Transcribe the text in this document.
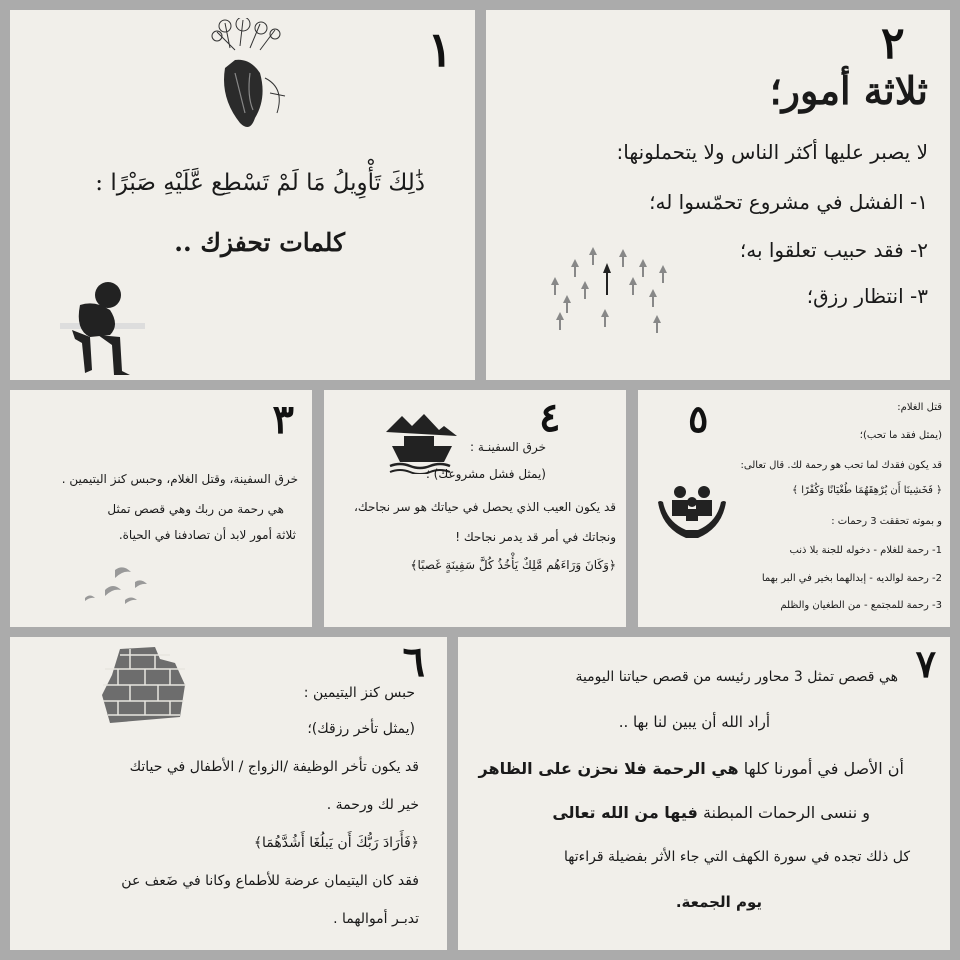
١
ذَٰلِكَ تَأْوِيلُ مَا لَمْ تَسْطِع عَّلَيْهِ صَبْرًا :
كلمات تحفزك ..
٢
ثلاثة أمور؛
لا يصبر عليها أكثر الناس ولا يتحملونها:
١- الفشل في مشروع تحمّسوا له؛
٢- فقد حبيب تعلقوا به؛
٣- انتظار رزق؛
٣
خرق السفينة، وقتل الغلام، وحبس كنز اليتيمين .
هي رحمة من ربك وهي قصص تمثل
ثلاثة أمور لابد أن تصادفنا في الحياة.
٤
خرق السفينـة :
(يمثل فشل مشروعك) ؛
قد يكون العيب الذي يحصل في حياتك هو سر نجاحك،
ونجاتك في أمر قد يدمر نجاحك !
﴿وَكَانَ وَرَاءَهُم مَّلِكٌ يَأْخُذُ كُلَّ سَفِينَةٍ غَصبًا﴾
٥	قتل الغلام:
(يمثل فقد ما تحب)؛
قد يكون فقدك لما تحب هو رحمة لك. قال تعالى:
﴿ فَخَشِينَا أَن يُرْهِقَهُمَا طُغْيَانًا وَكُفْرًا ﴾
و بموته تحققت 3 رحمات :
1- رحمة للغلام - دخوله للجنة بلا ذنب
2- رحمة لوالديه - إبدالهما بخير في البر بهما
3- رحمة للمجتمع - من الطغيان والظلم
٦
حبس كنز اليتيمين :
(يمثل تأخر رزقك)؛
قد يكون تأخر الوظيفة /الزواج / الأطفال في حياتك
خير لك ورحمة .
﴿فَأَرَادَ رَبُّكَ أَن يَبلُغَا أَشُدَّهُمَا﴾
فقد كان اليتيمان عرضة للأطماع وكانا في ضَعف عن
تدبـر أموالهما .
٧
هي قصص تمثل 3 محاور رئيسه من قصص حياتنا اليومية
أراد الله أن يبين لنا بها ..
أن الأصل في أمورنا كلها هي الرحمة فلا نحزن على الظاهر
و ننسى الرحمات المبطنة فيها من الله تعالى
كل ذلك تجده في سورة الكهف التي جاء الأثر بفضيلة قراءتها
يوم الجمعة.
